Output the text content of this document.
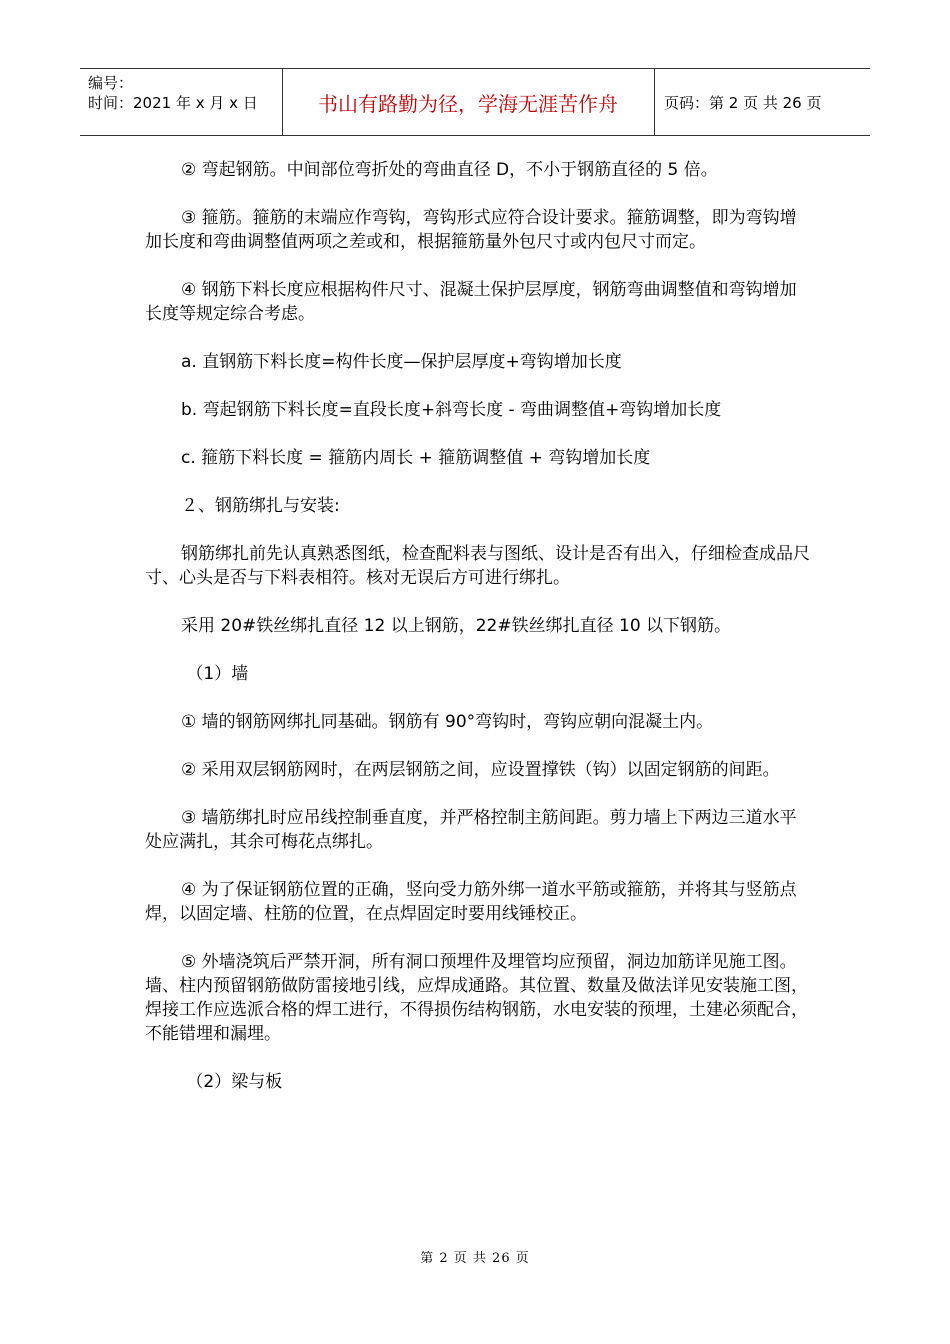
编号：
时间：2021 年 x 月 x 日	书山有路勤为径，学海无涯苦作舟	页码：第 2 页 共 26 页

② 弯起钢筋。中间部位弯折处的弯曲直径 D，不小于钢筋直径的 5 倍。

③ 箍筋。箍筋的末端应作弯钩，弯钩形式应符合设计要求。箍筋调整，即为弯钩增加长度和弯曲调整值两项之差或和，根据箍筋量外包尺寸或内包尺寸而定。

④ 钢筋下料长度应根据构件尺寸、混凝土保护层厚度，钢筋弯曲调整值和弯钩增加长度等规定综合考虑。

a. 直钢筋下料长度=构件长度—保护层厚度+弯钩增加长度

b. 弯起钢筋下料长度=直段长度+斜弯长度 - 弯曲调整值+弯钩增加长度

c. 箍筋下料长度 = 箍筋内周长 + 箍筋调整值 + 弯钩增加长度

２、钢筋绑扎与安装:

钢筋绑扎前先认真熟悉图纸，检查配料表与图纸、设计是否有出入，仔细检查成品尺寸、心头是否与下料表相符。核对无误后方可进行绑扎。

采用 20#铁丝绑扎直径 12 以上钢筋，22#铁丝绑扎直径 10 以下钢筋。

（1）墙

① 墙的钢筋网绑扎同基础。钢筋有 90°弯钩时，弯钩应朝向混凝土内。

② 采用双层钢筋网时，在两层钢筋之间，应设置撑铁（钩）以固定钢筋的间距。

③ 墙筋绑扎时应吊线控制垂直度，并严格控制主筋间距。剪力墙上下两边三道水平处应满扎，其余可梅花点绑扎。

④ 为了保证钢筋位置的正确，竖向受力筋外绑一道水平筋或箍筋，并将其与竖筋点焊，以固定墙、柱筋的位置，在点焊固定时要用线锤校正。

⑤ 外墙浇筑后严禁开洞，所有洞口预埋件及埋管均应预留，洞边加筋详见施工图。墙、柱内预留钢筋做防雷接地引线，应焊成通路。其位置、数量及做法详见安装施工图，焊接工作应选派合格的焊工进行，不得损伤结构钢筋，水电安装的预埋，土建必须配合，不能错埋和漏埋。

（2）梁与板

第 2 页 共 26 页
